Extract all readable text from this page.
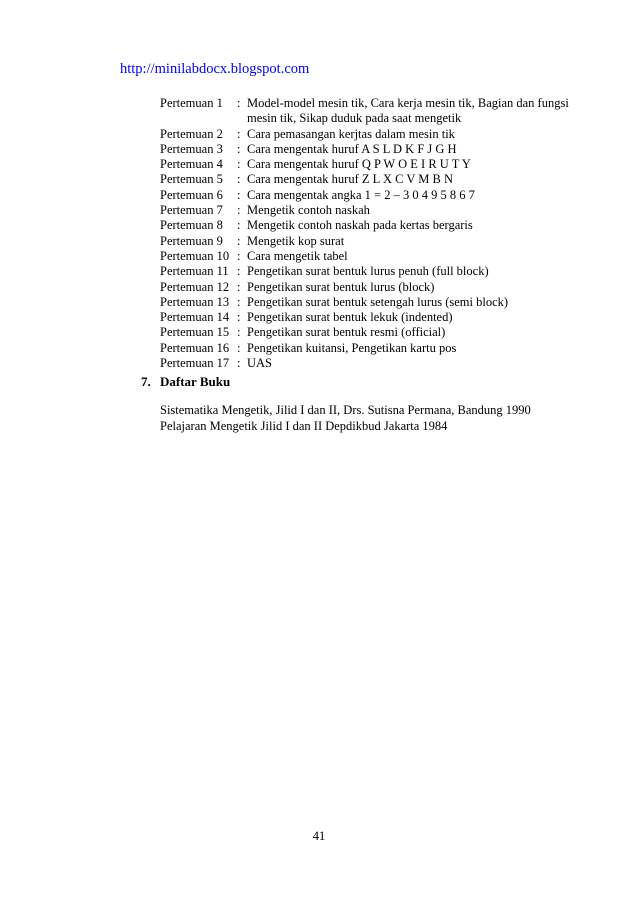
http://minilabdocx.blogspot.com
Pertemuan 1	: Model-model mesin tik, Cara kerja mesin tik, Bagian dan fungsi mesin tik, Sikap duduk pada saat mengetik
Pertemuan 2	: Cara pemasangan kerjtas dalam mesin tik
Pertemuan 3	: Cara mengentak huruf A S L D K F J G H
Pertemuan 4	: Cara mengentak huruf Q P W O E I R U T Y
Pertemuan 5	: Cara mengentak huruf Z L X C V M B N
Pertemuan 6	: Cara mengentak angka 1 = 2 – 3 0 4 9 5 8 6 7
Pertemuan 7	: Mengetik contoh naskah
Pertemuan 8	: Mengetik contoh naskah pada kertas bergaris
Pertemuan 9	: Mengetik kop surat
Pertemuan 10 : Cara mengetik tabel
Pertemuan 11 : Pengetikan surat bentuk lurus penuh (full block)
Pertemuan 12 : Pengetikan surat bentuk lurus (block)
Pertemuan 13 : Pengetikan surat bentuk setengah lurus (semi block)
Pertemuan 14 : Pengetikan surat bentuk lekuk (indented)
Pertemuan 15 : Pengetikan surat bentuk resmi (official)
Pertemuan 16 : Pengetikan kuitansi, Pengetikan kartu pos
Pertemuan 17 : UAS
7. Daftar Buku
Sistematika Mengetik, Jilid I dan II, Drs. Sutisna Permana, Bandung 1990
Pelajaran Mengetik Jilid I dan II Depdikbud Jakarta 1984
41
